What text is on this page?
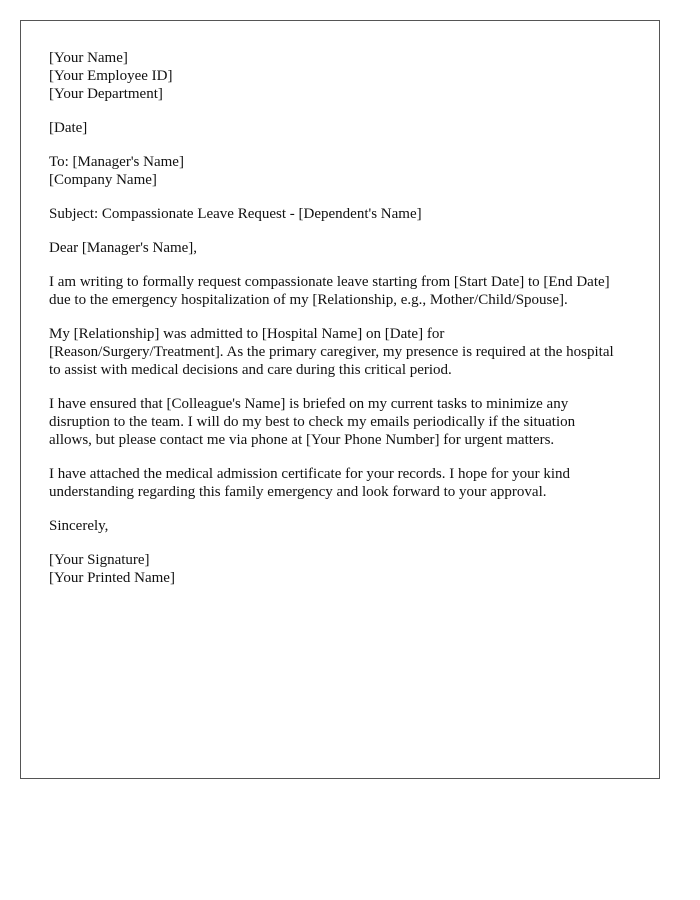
[Your Name]
[Your Employee ID]
[Your Department]

[Date]

To: [Manager's Name]
[Company Name]

Subject: Compassionate Leave Request - [Dependent's Name]

Dear [Manager's Name],

I am writing to formally request compassionate leave starting from [Start Date] to [End Date] due to the emergency hospitalization of my [Relationship, e.g., Mother/Child/Spouse].

My [Relationship] was admitted to [Hospital Name] on [Date] for [Reason/Surgery/Treatment]. As the primary caregiver, my presence is required at the hospital to assist with medical decisions and care during this critical period.

I have ensured that [Colleague's Name] is briefed on my current tasks to minimize any disruption to the team. I will do my best to check my emails periodically if the situation allows, but please contact me via phone at [Your Phone Number] for urgent matters.

I have attached the medical admission certificate for your records. I hope for your kind understanding regarding this family emergency and look forward to your approval.

Sincerely,

[Your Signature]
[Your Printed Name]
